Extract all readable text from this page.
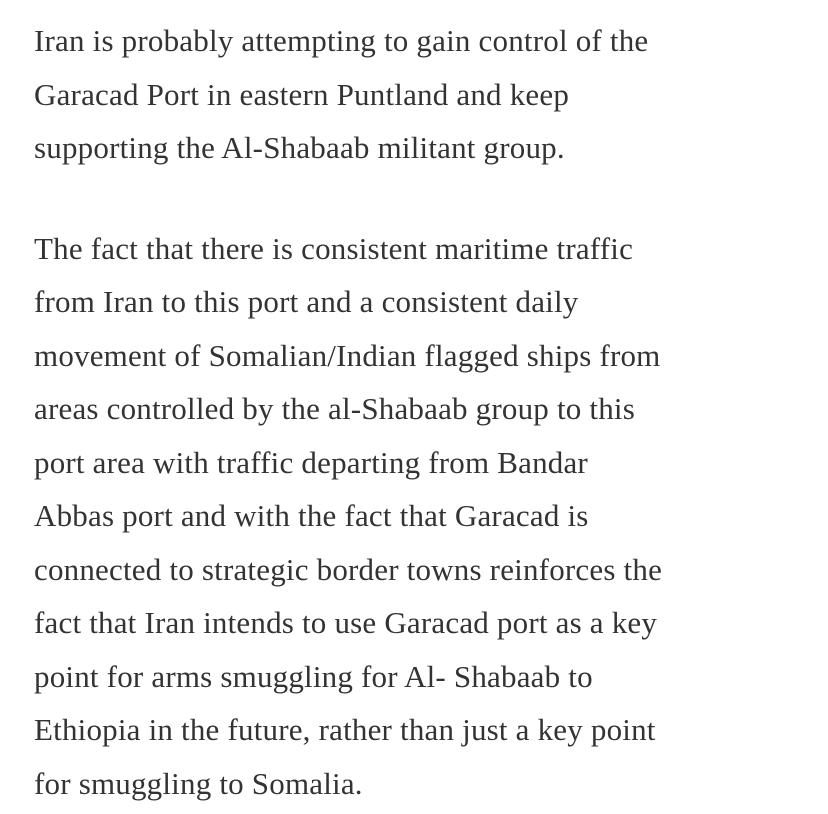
Iran is probably attempting to gain control of the
Garacad Port in eastern Puntland and keep
supporting the Al-Shabaab militant group.

The fact that there is consistent maritime traffic
from Iran to this port and a consistent daily
movement of Somalian/Indian flagged ships from
areas controlled by the al-Shabaab group to this
port area with traffic departing from Bandar
Abbas port and with the fact that Garacad is
connected to strategic border towns reinforces the
fact that Iran intends to use Garacad port as a key
point for arms smuggling for Al- Shabaab to
Ethiopia in the future, rather than just a key point
for smuggling to Somalia.
